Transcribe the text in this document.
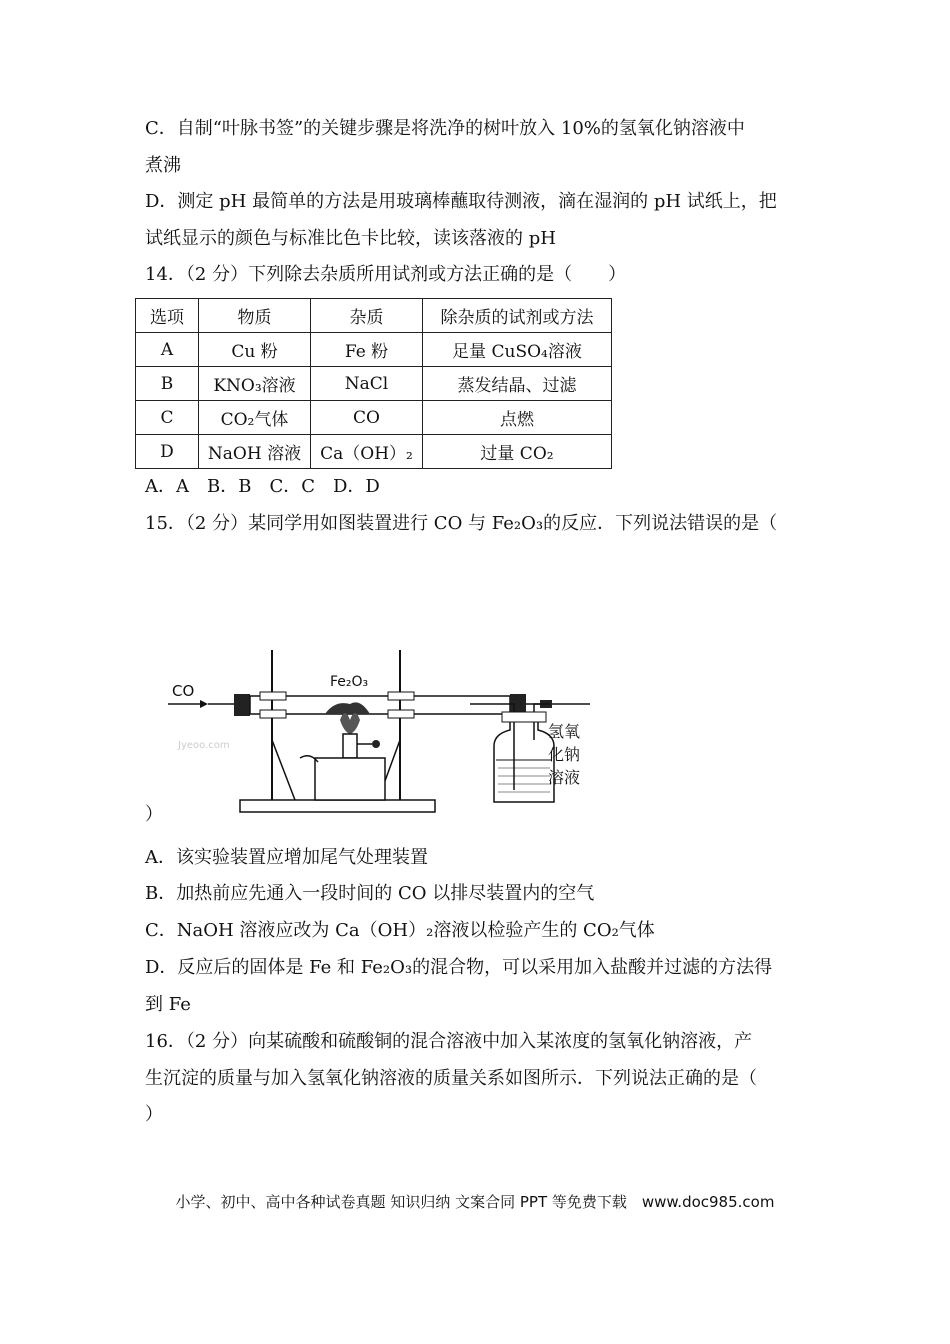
C．自制“叶脉书签”的关键步骤是将洗净的树叶放入 10%的氢氧化钠溶液中
煮沸
D．测定 pH 最简单的方法是用玻璃棒蘸取待测液，滴在湿润的 pH 试纸上，把
试纸显示的颜色与标准比色卡比较，读该落液的 pH
14．（2 分）下列除去杂质所用试剂或方法正确的是（　　）
选项	物质	杂质	除杂质的试剂或方法
A	Cu 粉	Fe 粉	足量 CuSO₄溶液
B	KNO₃溶液	NaCl	蒸发结晶、过滤
C	CO₂气体	CO	点燃
D	NaOH 溶液	Ca（OH）₂	过量 CO₂
A．A　B．B　C．C　D．D
15．（2 分）某同学用如图装置进行 CO 与 Fe₂O₃的反应．下列说法错误的是（
CO	Fe₂O₃
Jyeoo.com
氢氧
化钠
溶液
）
A．该实验装置应增加尾气处理装置
B．加热前应先通入一段时间的 CO 以排尽装置内的空气
C．NaOH 溶液应改为 Ca（OH）₂溶液以检验产生的 CO₂气体
D．反应后的固体是 Fe 和 Fe₂O₃的混合物，可以采用加入盐酸并过滤的方法得
到 Fe
16．（2 分）向某硫酸和硫酸铜的混合溶液中加入某浓度的氢氧化钠溶液，产
生沉淀的质量与加入氢氧化钠溶液的质量关系如图所示．下列说法正确的是（
）
小学、初中、高中各种试卷真题 知识归纳 文案合同 PPT 等免费下载　www.doc985.com
